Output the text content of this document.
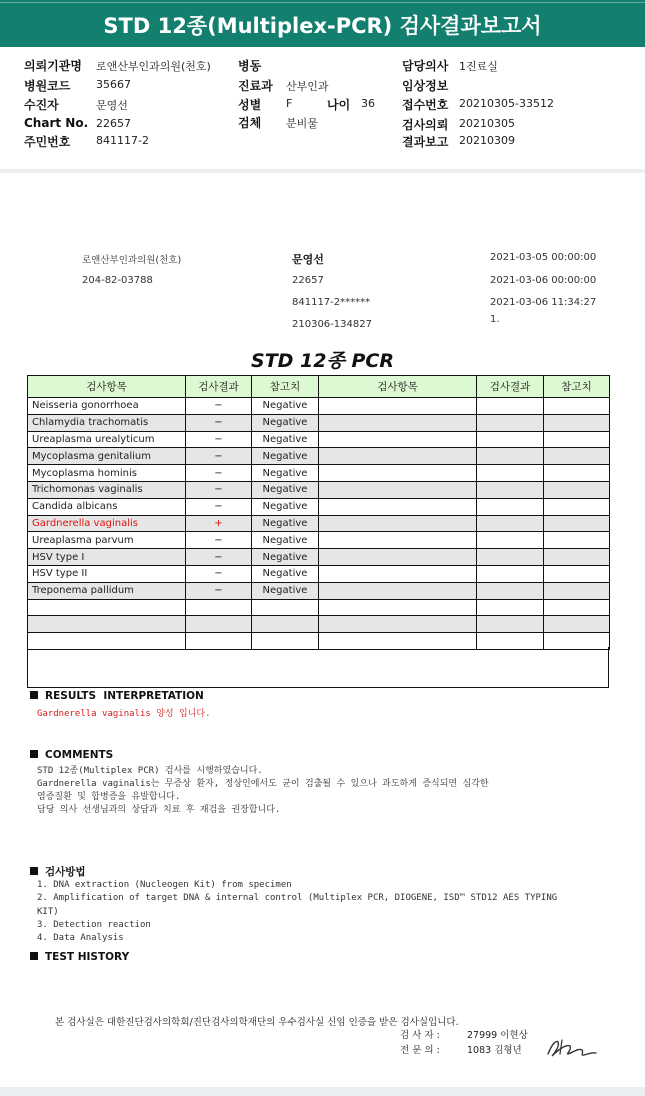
STD 12종(Multiplex-PCR) 검사결과보고서
의뢰기관명 로앤산부인과의원(천호) 병동	담당의사 1진료실
병원코드 35667	진료과 산부인과	임상정보
수진자	문영선	성별 F	나이 36 접수번호 20210305-33512
Chart No. 22657	검체 분비물	검사의뢰 20210305
주민번호 841117-2	결과보고 20210309
로앤산부인과의원(천호)
204-82-03788
문영선
22657
841117-2******
210306-134827
2021-03-05 00:00:00
2021-03-06 00:00:00
2021-03-06 11:34:27
1.
STD 12종 PCR
검사항목	검사결과	참고치	검사항목	검사결과	참고치
Neisseria gonorrhoea	−	Negative			
Chlamydia trachomatis	−	Negative			
Ureaplasma urealyticum	−	Negative			
Mycoplasma genitalium	−	Negative			
Mycoplasma hominis	−	Negative			
Trichomonas vaginalis	−	Negative			
Candida albicans	−	Negative			
Gardnerella vaginalis	+	Negative			
Ureaplasma parvum	−	Negative			
HSV type I	−	Negative			
HSV type II	−	Negative			
Treponema pallidum	−	Negative			

RESULTS  INTERPRETATION
Gardnerella vaginalis 양성 입니다.
COMMENTS
STD 12종(Multiplex PCR) 검사를 시행하였습니다.
Gardnerella vaginalis는 무증상 환자, 정상인에서도 균이 검출될 수 있으나 과도하게 증식되면 심각한
염증질환 및 합병증을 유발합니다.
담당 의사 선생님과의 상담과 치료 후 재검을 권장합니다.
검사방법
1. DNA extraction (Nucleogen Kit) from specimen
2. Amplification of target DNA & internal control (Multiplex PCR, DIOGENE, ISD™ STD12 AES TYPING
KIT)
3. Detection reaction
4. Data Analysis
TEST HISTORY
본 검사실은 대한진단검사의학회/진단검사의학재단의 우수검사실 신임 인증을 받은 검사실입니다.
검 사 자 :	27999 이현상
전 문 의 :	1083 김형년
